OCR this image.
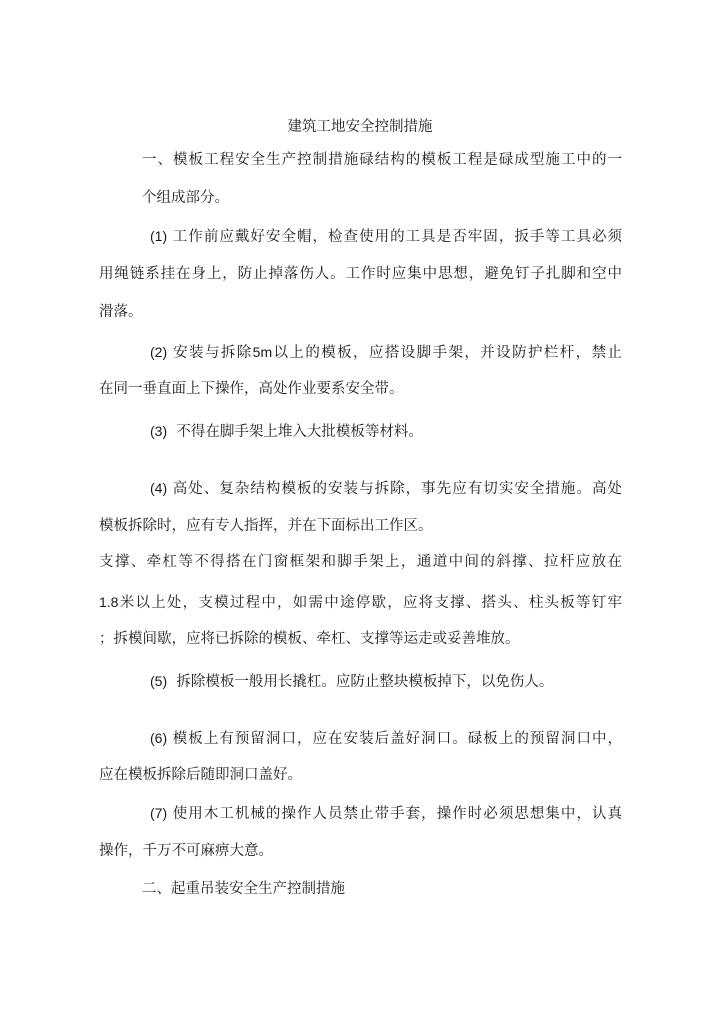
建筑工地安全控制措施
一、模板工程安全生产控制措施碌结构的模板工程是碌成型施工中的一
个组成部分。
(1) 工作前应戴好安全帽，检查使用的工具是否牢固，扳手等工具必须
用绳链系挂在身上，防止掉落伤人。工作时应集中思想，避免钉子扎脚和空中
滑落。
(2) 安装与拆除5m以上的模板，应搭设脚手架，并设防护栏杆，禁止
在同一垂直面上下操作，高处作业要系安全带。
(3) 不得在脚手架上堆入大批模板等材料。
(4) 高处、复杂结构模板的安装与拆除，事先应有切实安全措施。高处
模板拆除时，应有专人指挥，并在下面标出工作区。
支撑、牵杠等不得搭在门窗框架和脚手架上，通道中间的斜撑、拉杆应放在
1.8米以上处，支模过程中，如需中途停歇，应将支撑、搭头、柱头板等钉牢
；拆模间歇，应将已拆除的模板、牵杠、支撑等运走或妥善堆放。
(5) 拆除模板一般用长撬杠。应防止整块模板掉下，以免伤人。
(6) 模板上有预留洞口，应在安装后盖好洞口。碌板上的预留洞口中，
应在模板拆除后随即洞口盖好。
(7) 使用木工机械的操作人员禁止带手套，操作时必须思想集中，认真
操作，千万不可麻痹大意。
二、起重吊装安全生产控制措施
